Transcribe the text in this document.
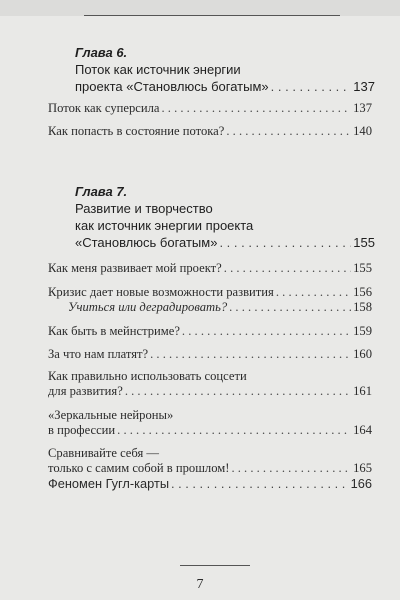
Глава 6.
Поток как источник энергии
проекта «Становлюсь богатым» . . .	137
Поток как суперсила . . .	137
Как попасть в состояние потока? . . .	140
Глава 7.
Развитие и творчество
как источник энергии проекта
«Становлюсь богатым» . . .	155
Как меня развивает мой проект? . . .	155
Кризис дает новые возможности развития . . .	156
Учиться или деградировать? . . .	158
Как быть в мейнстриме? . . .	159
За что нам платят? . . .	160
Как правильно использовать соцсети
для развития? . . .	161
«Зеркальные нейроны»
в профессии . . .	164
Сравнивайте себя —
только с самим собой в прошлом! . . .	165
Феномен Гугл-карты . . .	166
7
